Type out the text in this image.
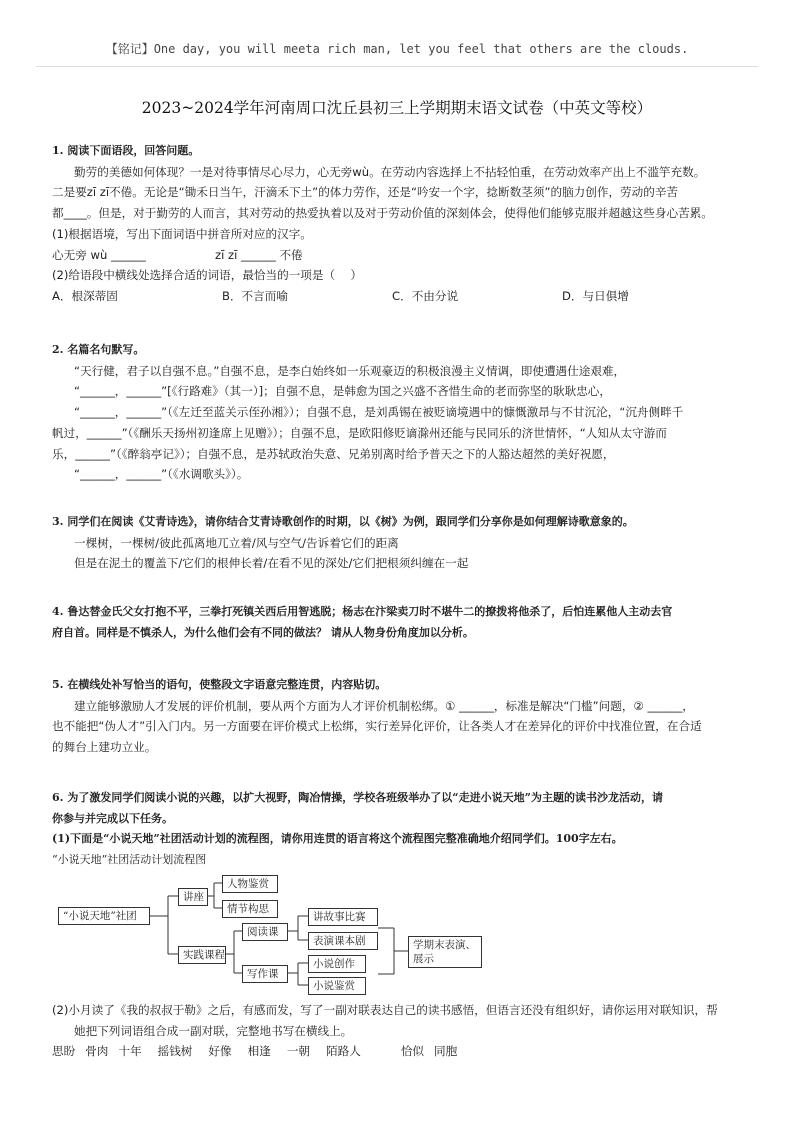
【铭记】One day, you will meeta rich man, let you feel that others are the clouds.
2023~2024学年河南周口沈丘县初三上学期期末语文试卷（中英文等校）

1. 阅读下面语段，回答问题。

勤劳的美德如何体现？一是对待事情尽心尽力，心无旁wù。在劳动内容选择上不拈轻怕重，在劳动效率产出上不滥竽充数。

二是要zī zī不倦。无论是“锄禾日当午，汗滴禾下土”的体力劳作，还是“吟安一个字，捻断数茎须”的脑力创作，劳动的辛苦

都____。但是，对于勤劳的人而言，其对劳动的热爱执着以及对于劳动价值的深刻体会，使得他们能够克服并超越这些身心苦累。

(1)根据语境，写出下面词语中拼音所对应的汉字。

心无旁 wù ______	zī zī ______ 不倦

(2)给语段中横线处选择合适的词语，最恰当的一项是（　 ）

A．根深蒂固	B．不言而喻	C．不由分说	D．与日俱增

2. 名篇名句默写。

“天行健，君子以自强不息。”自强不息，是李白始终如一乐观豪迈的积极浪漫主义情调，即使遭遇仕途艰难，

“______，______”[《行路难》（其一）]；自强不息，是韩愈为国之兴盛不吝惜生命的老而弥坚的耿耿忠心，

“______，______”（《左迁至蓝关示侄孙湘》）；自强不息，是刘禹锡在被贬谪境遇中的慷慨激昂与不甘沉沦，“沉舟侧畔千

帆过，______”（《酬乐天扬州初逢席上见赠》）；自强不息，是欧阳修贬谪滁州还能与民同乐的济世情怀，“人知从太守游而

乐，______”（《醉翁亭记》）；自强不息，是苏轼政治失意、兄弟别离时给予普天之下的人豁达超然的美好祝愿，

“______，______”（《水调歌头》）。

3. 同学们在阅读《艾青诗选》，请你结合艾青诗歌创作的时期，以《树》为例，跟同学们分享你是如何理解诗歌意象的。

一棵树，一棵树/彼此孤离地兀立着/风与空气/告诉着它们的距离

但是在泥土的覆盖下/它们的根伸长着/在看不见的深处/它们把根须纠缠在一起

4. 鲁达替金氏父女打抱不平，三拳打死镇关西后用智逃脱；杨志在汴梁卖刀时不堪牛二的撩拨将他杀了，后怕连累他人主动去官

府自首。同样是不慎杀人，为什么他们会有不同的做法？ 请从人物身份角度加以分析。

5. 在横线处补写恰当的语句，使整段文字语意完整连贯，内容贴切。

建立能够激励人才发展的评价机制，要从两个方面为人才评价机制松绑。① ______，标准是解决“门槛”问题，② ______，

也不能把“伪人才”引入门内。另一方面要在评价模式上松绑，实行差异化评价，让各类人才在差异化的评价中找准位置，在合适

的舞台上建功立业。

6. 为了激发同学们阅读小说的兴趣，以扩大视野，陶冶情操，学校各班级举办了以“走进小说天地”为主题的读书沙龙活动，请

你参与并完成以下任务。

(1)下面是“小说天地”社团活动计划的流程图，请你用连贯的语言将这个流程图完整准确地介绍同学们。100字左右。

“小说天地”社团活动计划流程图

“小说天地”社团
讲座
人物鉴赏
情节构思
实践课程
阅读课
讲故事比赛
表演课本剧
写作课
小说创作
小说鉴赏
学期末表演、展示

(2)小月读了《我的叔叔于勒》之后，有感而发，写了一副对联表达自己的读书感悟，但语言还没有组织好，请你运用对联知识，帮

她把下列词语组合成一副对联，完整地书写在横线上。

思盼 骨肉 十年 摇钱树 好像 相逢 一朝 陌路人	恰似 同胞
